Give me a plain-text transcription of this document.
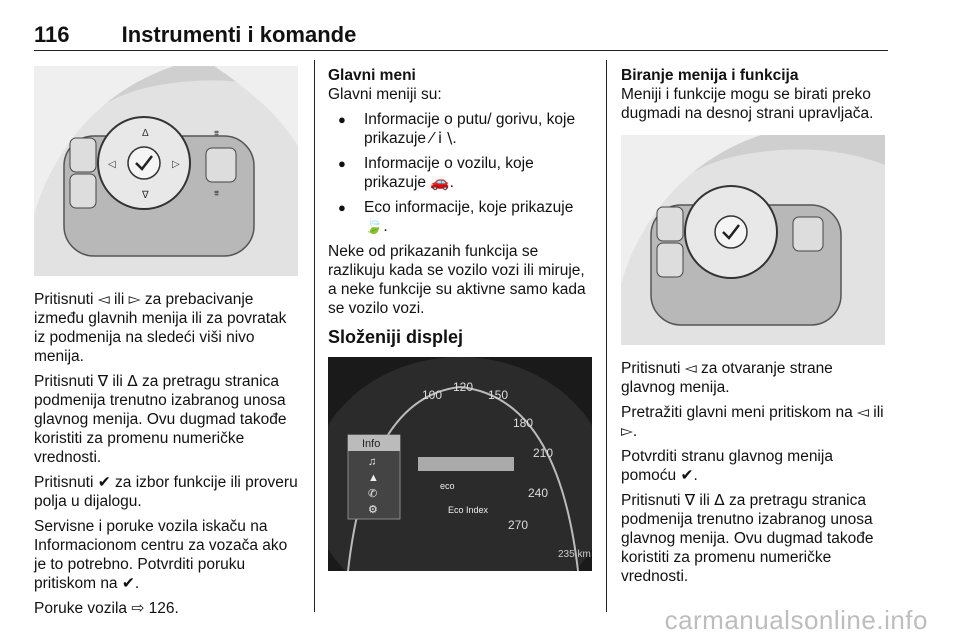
116 Instrumenti i komande
Δ
∇
◁	▷
⩨
⩨

Pritisnuti ◅ ili ▻ za prebacivanje između glavnih menija ili za povratak iz podmenija na sledeći viši nivo menija.

Pritisnuti ∇ ili Δ za pretragu stranica podmenija trenutno izabranog unosa glavnog menija. Ovu dugmad takođe koristiti za promenu numeričke vrednosti.

Pritisnuti ✔ za izbor funkcije ili proveru polja u dijalogu.

Servisne i poruke vozila iskaču na Informacionom centru za vozača ako je to potrebno. Potvrditi poruku pritiskom na ✔.

Poruke vozila ⇨ 126.

Glavni meni

Glavni meniji su:

● Informacije o putu/ gorivu, koje prikazuje ⁄ i \.
● Informacije o vozilu, koje prikazuje 🚗.
● Eco informacije, koje prikazuje 🍃.

Neke od prikazanih funkcija se razlikuju kada se vozilo vozi ili miruje, a neke funkcije su aktivne samo kada se vozilo vozi.

Složeniji displej
100
120
150
180
210
240
270
Info
♫
▲
✆
⚙
eco
Eco Index
235 km
Biranje menija i funkcija

Meniji i funkcije mogu se birati preko dugmadi na desnoj strani upravljača.

Pritisnuti ◅ za otvaranje strane glavnog menija.

Pretražiti glavni meni pritiskom na ◅ ili ▻.

Potvrditi stranu glavnog menija pomoću ✔.

Pritisnuti ∇ ili Δ za pretragu stranica podmenija trenutno izabranog unosa glavnog menija. Ovu dugmad takođe koristiti za promenu numeričke vrednosti.

carmanualsonline.info
